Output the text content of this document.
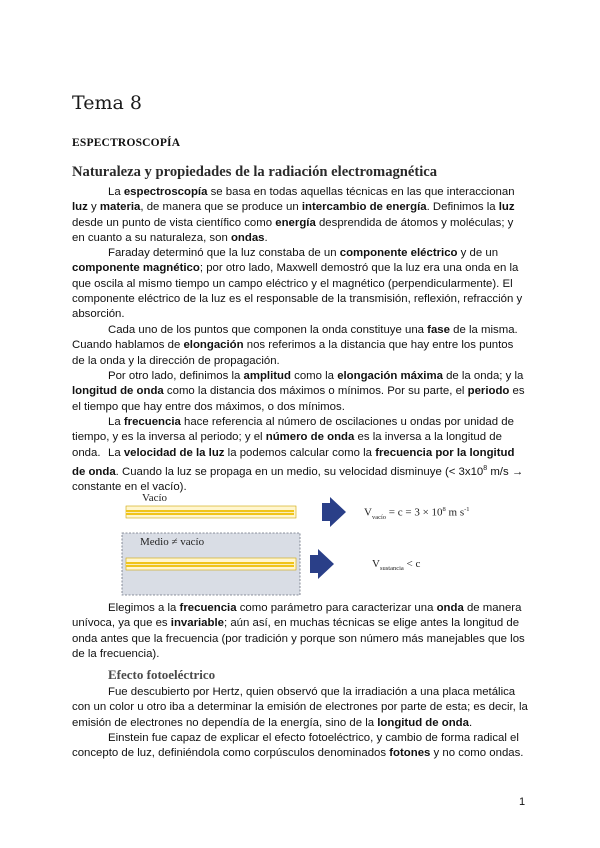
Tema 8
ESPECTROSCOPÍA
Naturaleza y propiedades de la radiación electromagnética

La espectroscopía se basa en todas aquellas técnicas en las que interaccionan luz y materia, de manera que se produce un intercambio de energía. Definimos la luz desde un punto de vista científico como energía desprendida de átomos y moléculas; y en cuanto a su naturaleza, son ondas.

Faraday determinó que la luz constaba de un componente eléctrico y de un componente magnético; por otro lado, Maxwell demostró que la luz era una onda en la que oscila al mismo tiempo un campo eléctrico y el magnético (perpendicularmente). El componente eléctrico de la luz es el responsable de la transmisión, reflexión, refracción y absorción.

Cada uno de los puntos que componen la onda constituye una fase de la misma. Cuando hablamos de elongación nos referimos a la distancia que hay entre los puntos de la onda y la dirección de propagación.

Por otro lado, definimos la amplitud como la elongación máxima de la onda; y la longitud de onda como la distancia dos máximos o mínimos. Por su parte, el periodo es el tiempo que hay entre dos máximos, o dos mínimos.

La frecuencia hace referencia al número de oscilaciones u ondas por unidad de tiempo, y es la inversa al periodo; y el número de onda es la inversa a la longitud de onda. La velocidad de la luz la podemos calcular como la frecuencia por la longitud de onda. Cuando la luz se propaga en un medio, su velocidad disminuye (< $3x10^8$ m/s → constante en el vacío).

Vacío
Medio ≠ vacío
$V_{vacío} = c = 3 \times 10^8$ m $s^{-1}$
$V_{sustancia} < c$

Elegimos a la frecuencia como parámetro para caracterizar una onda de manera unívoca, ya que es invariable; aún así, en muchas técnicas se elige antes la longitud de onda antes que la frecuencia (por tradición y porque son número más manejables que los de la frecuencia).

Efecto fotoeléctrico

Fue descubierto por Hertz, quien observó que la irradiación a una placa metálica con un color u otro iba a determinar la emisión de electrones por parte de esta; es decir, la emisión de electrones no dependía de la energía, sino de la longitud de onda.

Einstein fue capaz de explicar el efecto fotoeléctrico, y cambio de forma radical el concepto de luz, definiéndola como corpúsculos denominados fotones y no como ondas.

1
